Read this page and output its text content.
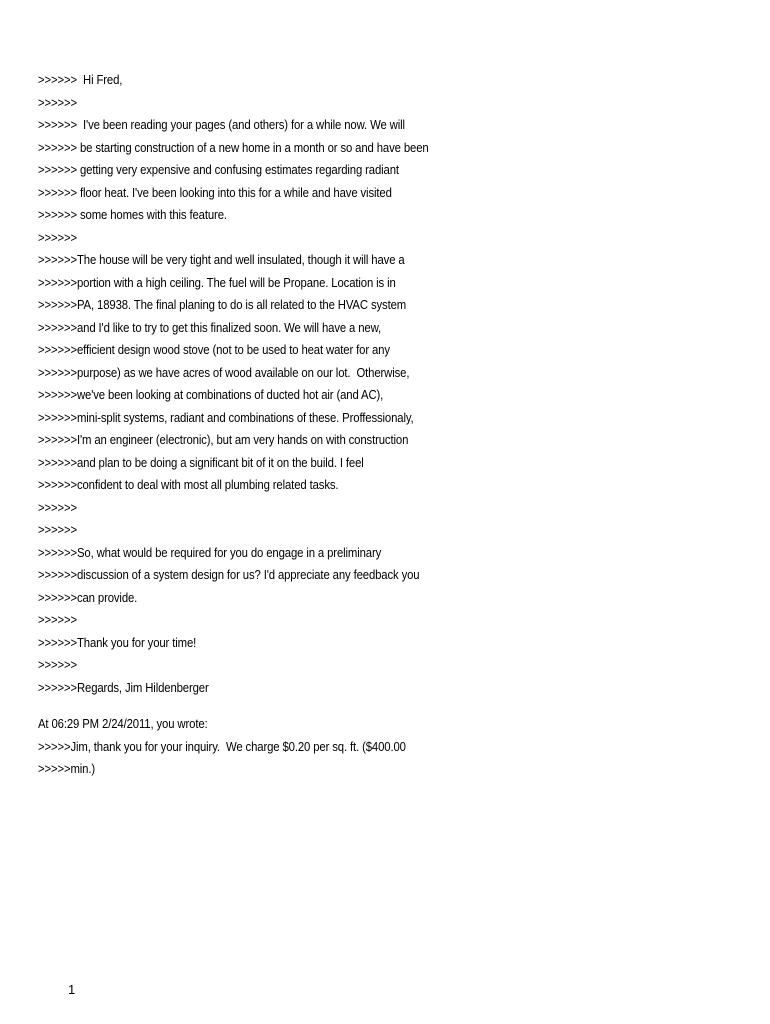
>>>>>>  Hi Fred,
>>>>>>
>>>>>>  I've been reading your pages (and others) for a while now. We will
>>>>>> be starting construction of a new home in a month or so and have been
>>>>>> getting very expensive and confusing estimates regarding radiant
>>>>>> floor heat. I've been looking into this for a while and have visited
>>>>>> some homes with this feature.
>>>>>>
>>>>>>The house will be very tight and well insulated, though it will have a
>>>>>>portion with a high ceiling. The fuel will be Propane. Location is in
>>>>>>PA, 18938. The final planing to do is all related to the HVAC system
>>>>>>and I'd like to try to get this finalized soon. We will have a new,
>>>>>>efficient design wood stove (not to be used to heat water for any
>>>>>>purpose) as we have acres of wood available on our lot.  Otherwise,
>>>>>>we've been looking at combinations of ducted hot air (and AC),
>>>>>>mini-split systems, radiant and combinations of these. Proffessionaly,
>>>>>>I'm an engineer (electronic), but am very hands on with construction
>>>>>>and plan to be doing a significant bit of it on the build. I feel
>>>>>>confident to deal with most all plumbing related tasks.
>>>>>>
>>>>>>
>>>>>>So, what would be required for you do engage in a preliminary
>>>>>>discussion of a system design for us? I'd appreciate any feedback you
>>>>>>can provide.
>>>>>>
>>>>>>Thank you for your time!
>>>>>>
>>>>>>Regards, Jim Hildenberger
At 06:29 PM 2/24/2011, you wrote:
>>>>>Jim, thank you for your inquiry.  We charge $0.20 per sq. ft. ($400.00
>>>>>min.)
1
